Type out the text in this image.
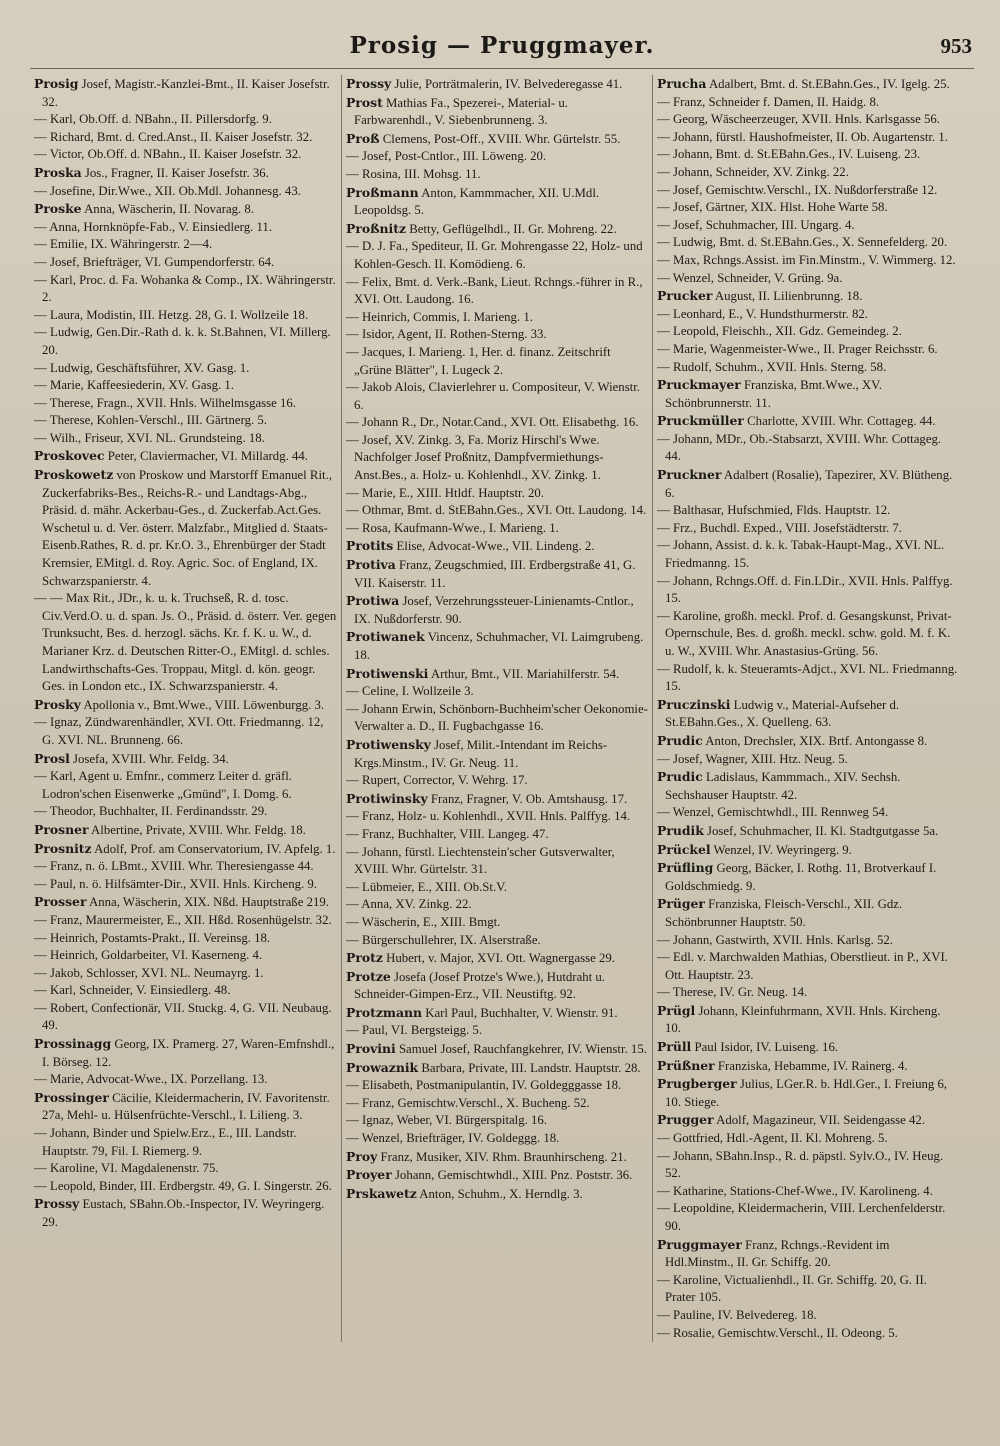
Prosig — Pruggmayer.	953

Prosig Josef, Magistr.-Kanzlei-Bmt., II. Kaiser Josefstr. 32.

— Karl, Ob.Off. d. NBahn., II. Pillersdorfg. 9.

— Richard, Bmt. d. Cred.Anst., II. Kaiser Josefstr. 32.

— Victor, Ob.Off. d. NBahn., II. Kaiser Josefstr. 32.

Proska Jos., Fragner, II. Kaiser Josefstr. 36.

— Josefine, Dir.Wwe., XII. Ob.Mdl. Johannesg. 43.

Proske Anna, Wäscherin, II. Novarag. 8.

— Anna, Hornknöpfe-Fab., V. Einsiedlerg. 11.

— Emilie, IX. Währingerstr. 2—4.

— Josef, Briefträger, VI. Gumpendorferstr. 64.

— Karl, Proc. d. Fa. Wohanka & Comp., IX. Währingerstr. 2.

— Laura, Modistin, III. Hetzg. 28, G. I. Wollzeile 18.

— Ludwig, Gen.Dir.-Rath d. k. k. St.Bahnen, VI. Millerg. 20.

— Ludwig, Geschäftsführer, XV. Gasg. 1.

— Marie, Kaffeesiederin, XV. Gasg. 1.

— Therese, Fragn., XVII. Hnls. Wilhelmsgasse 16.

— Therese, Kohlen-Verschl., III. Gärtnerg. 5.

— Wilh., Friseur, XVI. NL. Grundsteing. 18.

Proskovec Peter, Claviermacher, VI. Millardg. 44.

Proskowetz von Proskow und Marstorff Emanuel Rit., Zuckerfabriks-Bes., Reichs-R.- und Landtags-Abg., Präsid. d. mähr. Ackerbau-Ges., d. Zuckerfab.Act.Ges. Wschetul u. d. Ver. österr. Malzfabr., Mitglied d. Staats-Eisenb.Rathes, R. d. pr. Kr.O. 3., Ehrenbürger der Stadt Kremsier, EMitgl. d. Roy. Agric. Soc. of England, IX. Schwarzspanierstr. 4.

— — Max Rit., JDr., k. u. k. Truchseß, R. d. tosc. Civ.Verd.O. u. d. span. Js. O., Präsid. d. österr. Ver. gegen Trunksucht, Bes. d. herzogl. sächs. Kr. f. K. u. W., d. Marianer Krz. d. Deutschen Ritter-O., EMitgl. d. schles. Landwirthschafts-Ges. Troppau, Mitgl. d. kön. geogr. Ges. in London etc., IX. Schwarzspanierstr. 4.

Prosky Apollonia v., Bmt.Wwe., VIII. Löwenburgg. 3.

— Ignaz, Zündwarenhändler, XVI. Ott. Friedmanng. 12, G. XVI. NL. Brunneng. 66.

Prosl Josefa, XVIII. Whr. Feldg. 34.

— Karl, Agent u. Emfnr., commerz Leiter d. gräfl. Lodron'schen Eisenwerke „Gmünd", I. Domg. 6.

— Theodor, Buchhalter, II. Ferdinandsstr. 29.

Prosner Albertine, Private, XVIII. Whr. Feldg. 18.

Prosnitz Adolf, Prof. am Conservatorium, IV. Apfelg. 1.

— Franz, n. ö. LBmt., XVIII. Whr. Theresiengasse 44.

— Paul, n. ö. Hilfsämter-Dir., XVII. Hnls. Kircheng. 9.

Prosser Anna, Wäscherin, XIX. Nßd. Hauptstraße 219.

— Franz, Maurermeister, E., XII. Hßd. Rosenhügelstr. 32.

— Heinrich, Postamts-Prakt., II. Vereinsg. 18.

— Heinrich, Goldarbeiter, VI. Kaserneng. 4.

— Jakob, Schlosser, XVI. NL. Neumayrg. 1.

— Karl, Schneider, V. Einsiedlerg. 48.

— Robert, Confectionär, VII. Stuckg. 4, G. VII. Neubaug. 49.

Prossinagg Georg, IX. Pramerg. 27, Waren-Emfnshdl., I. Börseg. 12.

— Marie, Advocat-Wwe., IX. Porzellang. 13.

Prossinger Cäcilie, Kleidermacherin, IV. Favoritenstr. 27a, Mehl- u. Hülsenfrüchte-Verschl., I. Lilieng. 3.

— Johann, Binder und Spielw.Erz., E., III. Landstr. Hauptstr. 79, Fil. I. Riemerg. 9.

— Karoline, VI. Magdalenenstr. 75.

— Leopold, Binder, III. Erdbergstr. 49, G. I. Singerstr. 26.

Prossy Eustach, SBahn.Ob.-Inspector, IV. Weyringerg. 29.

Prossy Julie, Porträtmalerin, IV. Belvederegasse 41.

Prost Mathias Fa., Spezerei-, Material- u. Farbwarenhdl., V. Siebenbrunneng. 3.

Proß Clemens, Post-Off., XVIII. Whr. Gürtelstr. 55.

— Josef, Post-Cntlor., III. Löweng. 20.

— Rosina, III. Mohsg. 11.

Proßmann Anton, Kammmacher, XII. U.Mdl. Leopoldsg. 5.

Proßnitz Betty, Geflügelhdl., II. Gr. Mohreng. 22.

— D. J. Fa., Spediteur, II. Gr. Mohrengasse 22, Holz- und Kohlen-Gesch. II. Komödieng. 6.

— Felix, Bmt. d. Verk.-Bank, Lieut. Rchngs.-führer in R., XVI. Ott. Laudong. 16.

— Heinrich, Commis, I. Marieng. 1.

— Isidor, Agent, II. Rothen-Sterng. 33.

— Jacques, I. Marieng. 1, Her. d. finanz. Zeitschrift „Grüne Blätter", I. Lugeck 2.

— Jakob Alois, Clavierlehrer u. Compositeur, V. Wienstr. 6.

— Johann R., Dr., Notar.Cand., XVI. Ott. Elisabethg. 16.

— Josef, XV. Zinkg. 3, Fa. Moriz Hirschl's Wwe. Nachfolger Josef Proßnitz, Dampfvermiethungs-Anst.Bes., a. Holz- u. Kohlenhdl., XV. Zinkg. 1.

— Marie, E., XIII. Htldf. Hauptstr. 20.

— Othmar, Bmt. d. StEBahn.Ges., XVI. Ott. Laudong. 14.

— Rosa, Kaufmann-Wwe., I. Marieng. 1.

Protits Elise, Advocat-Wwe., VII. Lindeng. 2.

Protiva Franz, Zeugschmied, III. Erdbergstraße 41, G. VII. Kaiserstr. 11.

Protiwa Josef, Verzehrungssteuer-Linienamts-Cntlor., IX. Nußdorferstr. 90.

Protiwanek Vincenz, Schuhmacher, VI. Laimgrubeng. 18.

Protiwenski Arthur, Bmt., VII. Mariahilferstr. 54.

— Celine, I. Wollzeile 3.

— Johann Erwin, Schönborn-Buchheim'scher Oekonomie-Verwalter a. D., II. Fugbachgasse 16.

Protiwensky Josef, Milit.-Intendant im Reichs-Krgs.Minstm., IV. Gr. Neug. 11.

— Rupert, Corrector, V. Wehrg. 17.

Protiwinsky Franz, Fragner, V. Ob. Amtshausg. 17.

— Franz, Holz- u. Kohlenhdl., XVII. Hnls. Palffyg. 14.

— Franz, Buchhalter, VIII. Langeg. 47.

— Johann, fürstl. Liechtenstein'scher Gutsverwalter, XVIII. Whr. Gürtelstr. 31.

— Lübmeier, E., XIII. Ob.St.V.

— Anna, XV. Zinkg. 22.

— Wäscherin, E., XIII. Bmgt.

— Bürgerschullehrer, IX. Alserstraße.

Protz Hubert, v. Major, XVI. Ott. Wagnergasse 29.

Protze Josefa (Josef Protze's Wwe.), Hutdraht u. Schneider-Gimpen-Erz., VII. Neustiftg. 92.

Protzmann Karl Paul, Buchhalter, V. Wienstr. 91.

— Paul, VI. Bergsteigg. 5.

Provini Samuel Josef, Rauchfangkehrer, IV. Wienstr. 15.

Prowaznik Barbara, Private, III. Landstr. Hauptstr. 28.

— Elisabeth, Postmanipulantin, IV. Goldegggasse 18.

— Franz, Gemischtw.Verschl., X. Bucheng. 52.

— Ignaz, Weber, VI. Bürgerspitalg. 16.

— Wenzel, Briefträger, IV. Goldeggg. 18.

Proy Franz, Musiker, XIV. Rhm. Braunhirscheng. 21.

Proyer Johann, Gemischtwhdl., XIII. Pnz. Poststr. 36.

Prskawetz Anton, Schuhm., X. Herndlg. 3.

Prucha Adalbert, Bmt. d. St.EBahn.Ges., IV. Igelg. 25.

— Franz, Schneider f. Damen, II. Haidg. 8.

— Georg, Wäscheerzeuger, XVII. Hnls. Karlsgasse 56.

— Johann, fürstl. Haushofmeister, II. Ob. Augartenstr. 1.

— Johann, Bmt. d. St.EBahn.Ges., IV. Luiseng. 23.

— Johann, Schneider, XV. Zinkg. 22.

— Josef, Gemischtw.Verschl., IX. Nußdorferstraße 12.

— Josef, Gärtner, XIX. Hlst. Hohe Warte 58.

— Josef, Schuhmacher, III. Ungarg. 4.

— Ludwig, Bmt. d. St.EBahn.Ges., X. Sennefelderg. 20.

— Max, Rchngs.Assist. im Fin.Minstm., V. Wimmerg. 12.

— Wenzel, Schneider, V. Grüng. 9a.

Prucker August, II. Lilienbrunng. 18.

— Leonhard, E., V. Hundsthurmerstr. 82.

— Leopold, Fleischh., XII. Gdz. Gemeindeg. 2.

— Marie, Wagenmeister-Wwe., II. Prager Reichsstr. 6.

— Rudolf, Schuhm., XVII. Hnls. Sterng. 58.

Pruckmayer Franziska, Bmt.Wwe., XV. Schönbrunnerstr. 11.

Pruckmüller Charlotte, XVIII. Whr. Cottageg. 44.

— Johann, MDr., Ob.-Stabsarzt, XVIII. Whr. Cottageg. 44.

Pruckner Adalbert (Rosalie), Tapezirer, XV. Blütheng. 6.

— Balthasar, Hufschmied, Flds. Hauptstr. 12.

— Frz., Buchdl. Exped., VIII. Josefstädterstr. 7.

— Johann, Assist. d. k. k. Tabak-Haupt-Mag., XVI. NL. Friedmanng. 15.

— Johann, Rchngs.Off. d. Fin.LDir., XVII. Hnls. Palffyg. 15.

— Karoline, großh. meckl. Prof. d. Gesangskunst, Privat-Opernschule, Bes. d. großh. meckl. schw. gold. M. f. K. u. W., XVIII. Whr. Anastasius-Grüng. 56.

— Rudolf, k. k. Steueramts-Adjct., XVI. NL. Friedmanng. 15.

Pruczinski Ludwig v., Material-Aufseher d. St.EBahn.Ges., X. Quelleng. 63.

Prudic Anton, Drechsler, XIX. Brtf. Antongasse 8.

— Josef, Wagner, XIII. Htz. Neug. 5.

Prudic Ladislaus, Kammmach., XIV. Sechsh. Sechshauser Hauptstr. 42.

— Wenzel, Gemischtwhdl., III. Rennweg 54.

Prudik Josef, Schuhmacher, II. Kl. Stadtgutgasse 5a.

Prückel Wenzel, IV. Weyringerg. 9.

Prüfling Georg, Bäcker, I. Rothg. 11, Brotverkauf I. Goldschmiedg. 9.

Prüger Franziska, Fleisch-Verschl., XII. Gdz. Schönbrunner Hauptstr. 50.

— Johann, Gastwirth, XVII. Hnls. Karlsg. 52.

— Edl. v. Marchwalden Mathias, Oberstlieut. in P., XVI. Ott. Hauptstr. 23.

— Therese, IV. Gr. Neug. 14.

Prügl Johann, Kleinfuhrmann, XVII. Hnls. Kircheng. 10.

Prüll Paul Isidor, IV. Luiseng. 16.

Prüßner Franziska, Hebamme, IV. Rainerg. 4.

Prugberger Julius, LGer.R. b. Hdl.Ger., I. Freiung 6, 10. Stiege.

Prugger Adolf, Magazineur, VII. Seidengasse 42.

— Gottfried, Hdl.-Agent, II. Kl. Mohreng. 5.

— Johann, SBahn.Insp., R. d. päpstl. Sylv.O., IV. Heug. 52.

— Katharine, Stations-Chef-Wwe., IV. Karolineng. 4.

— Leopoldine, Kleidermacherin, VIII. Lerchenfelderstr. 90.

Pruggmayer Franz, Rchngs.-Revident im Hdl.Minstm., II. Gr. Schiffg. 20.

— Karoline, Victualienhdl., II. Gr. Schiffg. 20, G. II. Prater 105.

— Pauline, IV. Belvedereg. 18.

— Rosalie, Gemischtw.Verschl., II. Odeong. 5.
